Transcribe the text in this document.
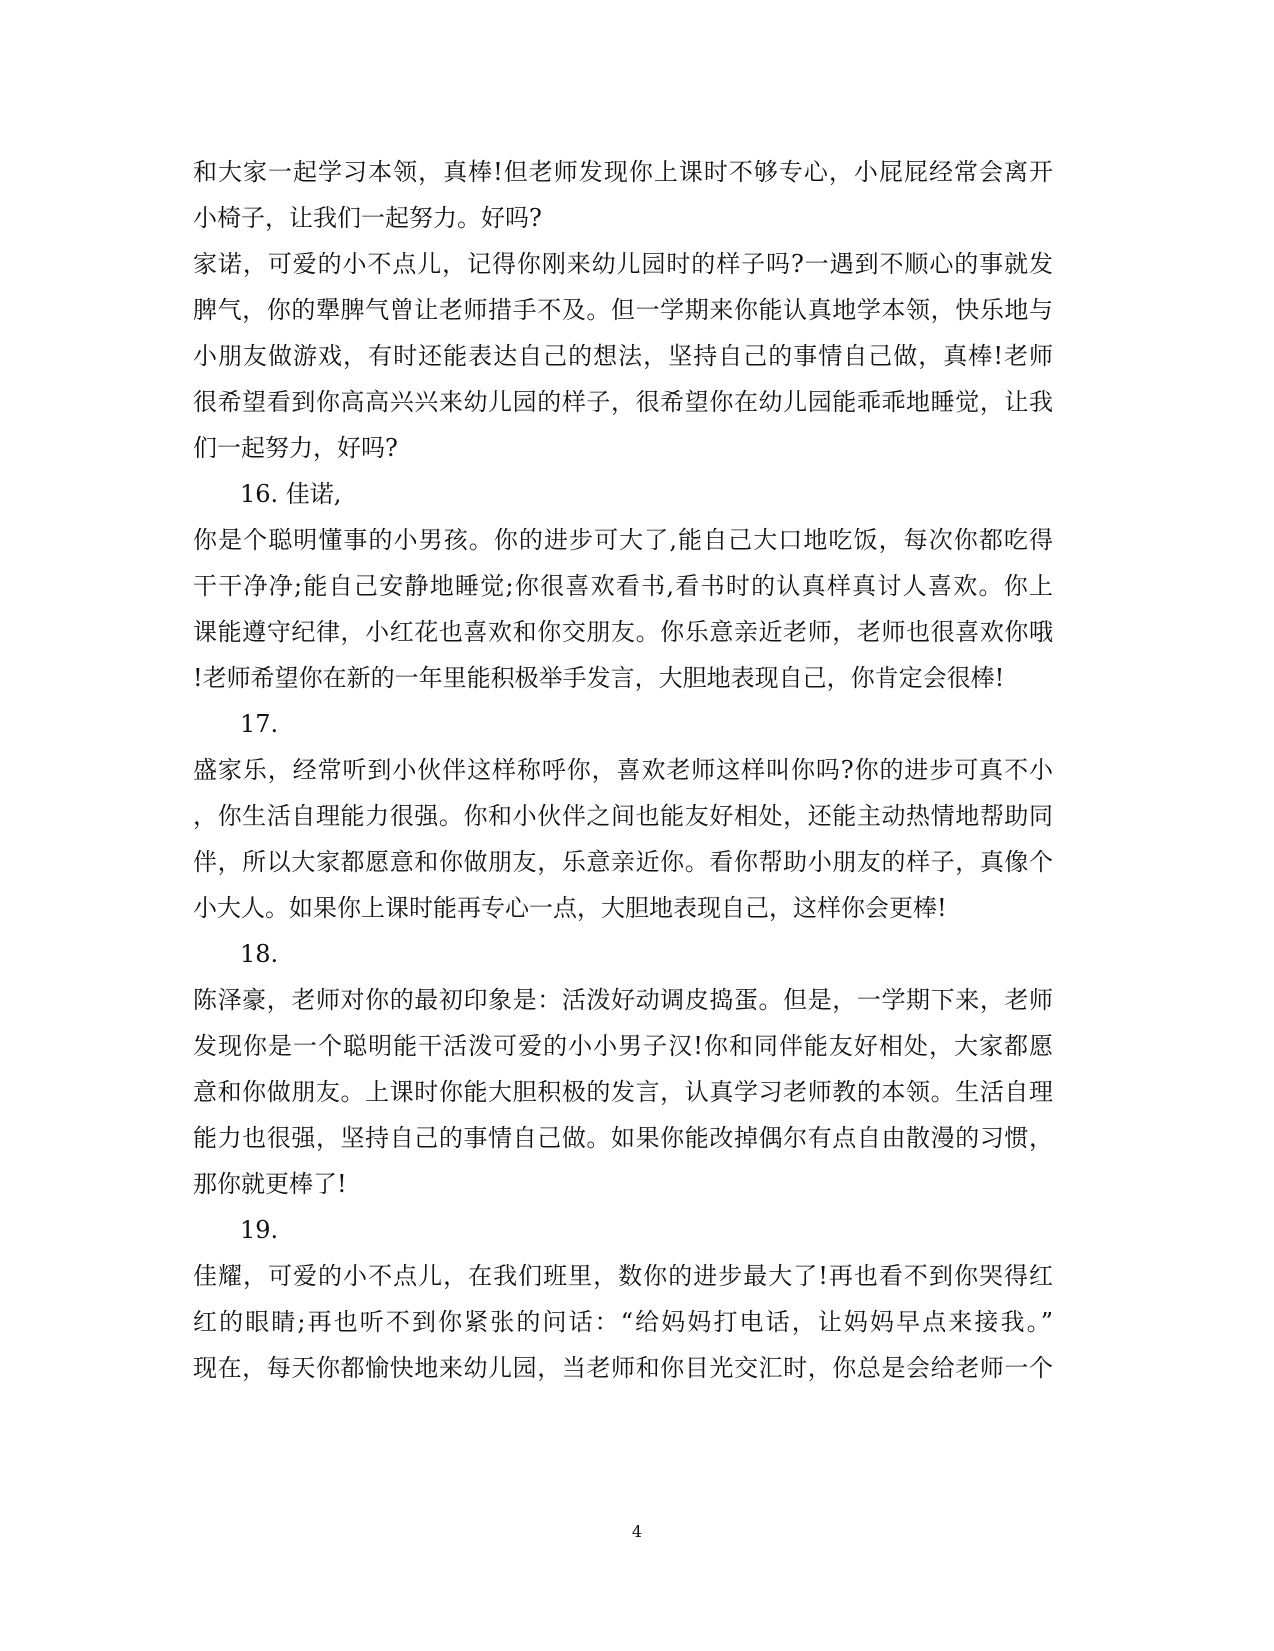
和大家一起学习本领，真棒!但老师发现你上课时不够专心，小屁屁经常会离开
小椅子，让我们一起努力。好吗?
家诺，可爱的小不点儿，记得你刚来幼儿园时的样子吗?一遇到不顺心的事就发
脾气，你的犟脾气曾让老师措手不及。但一学期来你能认真地学本领，快乐地与
小朋友做游戏，有时还能表达自己的想法，坚持自己的事情自己做，真棒!老师
很希望看到你高高兴兴来幼儿园的样子，很希望你在幼儿园能乖乖地睡觉，让我
们一起努力，好吗?
16. 佳诺,
你是个聪明懂事的小男孩。你的进步可大了,能自己大口地吃饭，每次你都吃得
干干净净;能自己安静地睡觉;你很喜欢看书,看书时的认真样真讨人喜欢。你上
课能遵守纪律，小红花也喜欢和你交朋友。你乐意亲近老师，老师也很喜欢你哦
!老师希望你在新的一年里能积极举手发言，大胆地表现自己，你肯定会很棒!
17.
盛家乐，经常听到小伙伴这样称呼你，喜欢老师这样叫你吗?你的进步可真不小
，你生活自理能力很强。你和小伙伴之间也能友好相处，还能主动热情地帮助同
伴，所以大家都愿意和你做朋友，乐意亲近你。看你帮助小朋友的样子，真像个
小大人。如果你上课时能再专心一点，大胆地表现自己，这样你会更棒!
18.
陈泽豪，老师对你的最初印象是：活泼好动调皮捣蛋。但是，一学期下来，老师
发现你是一个聪明能干活泼可爱的小小男子汉!你和同伴能友好相处，大家都愿
意和你做朋友。上课时你能大胆积极的发言，认真学习老师教的本领。生活自理
能力也很强，坚持自己的事情自己做。如果你能改掉偶尔有点自由散漫的习惯，
那你就更棒了!
19.
佳耀，可爱的小不点儿，在我们班里，数你的进步最大了!再也看不到你哭得红
红的眼睛;再也听不到你紧张的问话：“给妈妈打电话，让妈妈早点来接我。”
现在，每天你都愉快地来幼儿园，当老师和你目光交汇时，你总是会给老师一个
4
